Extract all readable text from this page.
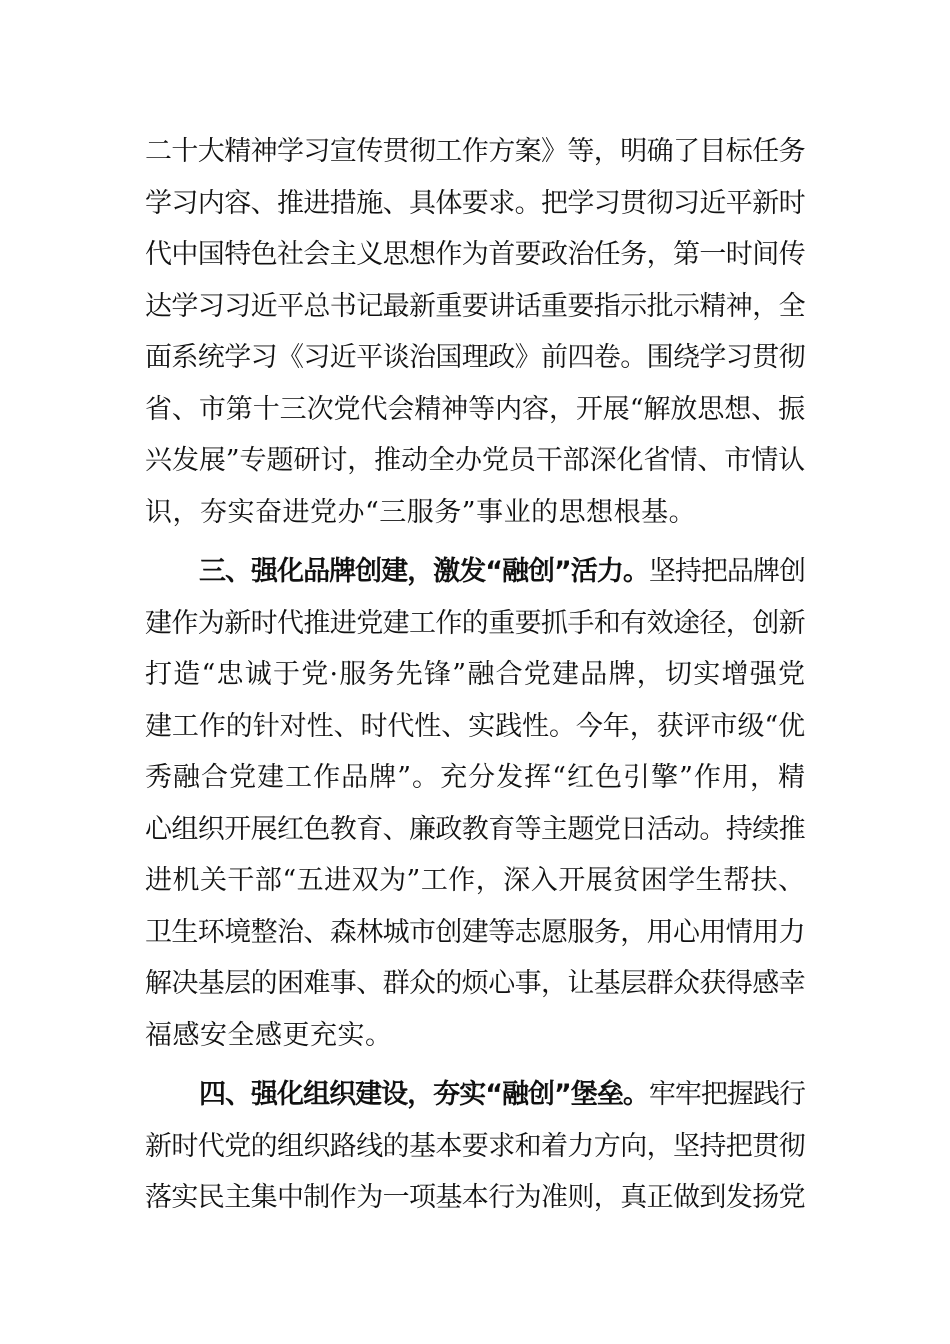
二十大精神学习宣传贯彻工作方案》等，明确了目标任务
学习内容、推进措施、具体要求。把学习贯彻习近平新时
代中国特色社会主义思想作为首要政治任务，第一时间传
达学习习近平总书记最新重要讲话重要指示批示精神，全
面系统学习《习近平谈治国理政》前四卷。围绕学习贯彻
省、市第十三次党代会精神等内容，开展“解放思想、振
兴发展”专题研讨，推动全办党员干部深化省情、市情认
识，夯实奋进党办“三服务”事业的思想根基。
三、强化品牌创建，激发“融创”活力。坚持把品牌创
建作为新时代推进党建工作的重要抓手和有效途径，创新
打造“忠诚于党·服务先锋”融合党建品牌，切实增强党
建工作的针对性、时代性、实践性。今年，获评市级“优
秀融合党建工作品牌”。充分发挥“红色引擎”作用，精
心组织开展红色教育、廉政教育等主题党日活动。持续推
进机关干部“五进双为”工作，深入开展贫困学生帮扶、
卫生环境整治、森林城市创建等志愿服务，用心用情用力
解决基层的困难事、群众的烦心事，让基层群众获得感幸
福感安全感更充实。
四、强化组织建设，夯实“融创”堡垒。牢牢把握践行
新时代党的组织路线的基本要求和着力方向，坚持把贯彻
落实民主集中制作为一项基本行为准则，真正做到发扬党
